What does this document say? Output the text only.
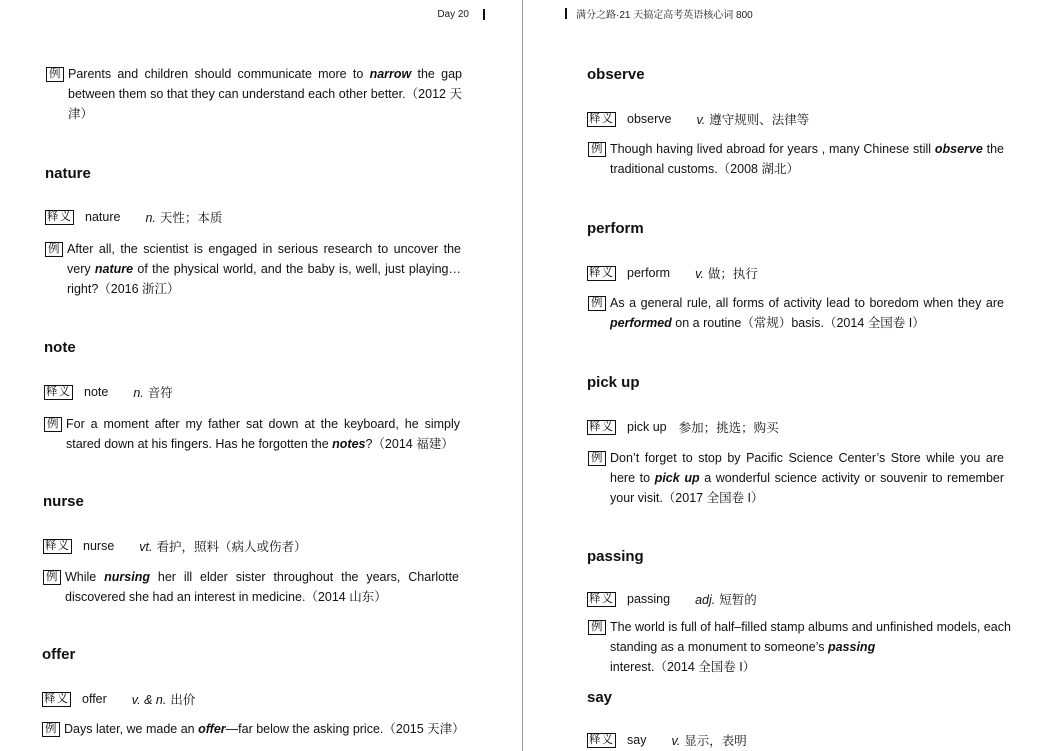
Day 20
例 Parents and children should communicate more to narrow the gap between them so that they can understand each other better.（2012 天津）
nature
释义 nature n. 天性；本质
例 After all, the scientist is engaged in serious research to uncover the very nature of the physical world, and the baby is, well, just playing…right?（2016 浙江）
note
释义 note n. 音符
例 For a moment after my father sat down at the keyboard, he simply stared down at his fingers. Has he forgotten the notes?（2014 福建）
nurse
释义 nurse vt. 看护，照料（病人或伤者）
例 While nursing her ill elder sister throughout the years, Charlotte discovered she had an interest in medicine.（2014 山东）
offer
释义 offer v. & n. 出价
例 Days later, we made an offer—far below the asking price.（2015 天津）
满分之路·21 天搞定高考英语核心词 800
observe
释义 observe v. 遵守规则、法律等
例 Though having lived abroad for years , many Chinese still observe the traditional customs.（2008 湖北）
perform
释义 perform v. 做；执行
例 As a general rule, all forms of activity lead to boredom when they are performed on a routine（常规）basis.（2014 全国卷 I）
pick up
释义 pick up 参加；挑选；购买
例 Don’t forget to stop by Pacific Science Center’s Store while you are here to pick up a wonderful science activity or souvenir to remember your visit.（2017 全国卷 I）
passing
释义 passing adj. 短暂的
例 The world is full of half–filled stamp albums and unfinished models, each standing as a monument to someone’s passing interest.（2014 全国卷 I）
say
释义 say v. 显示，表明
